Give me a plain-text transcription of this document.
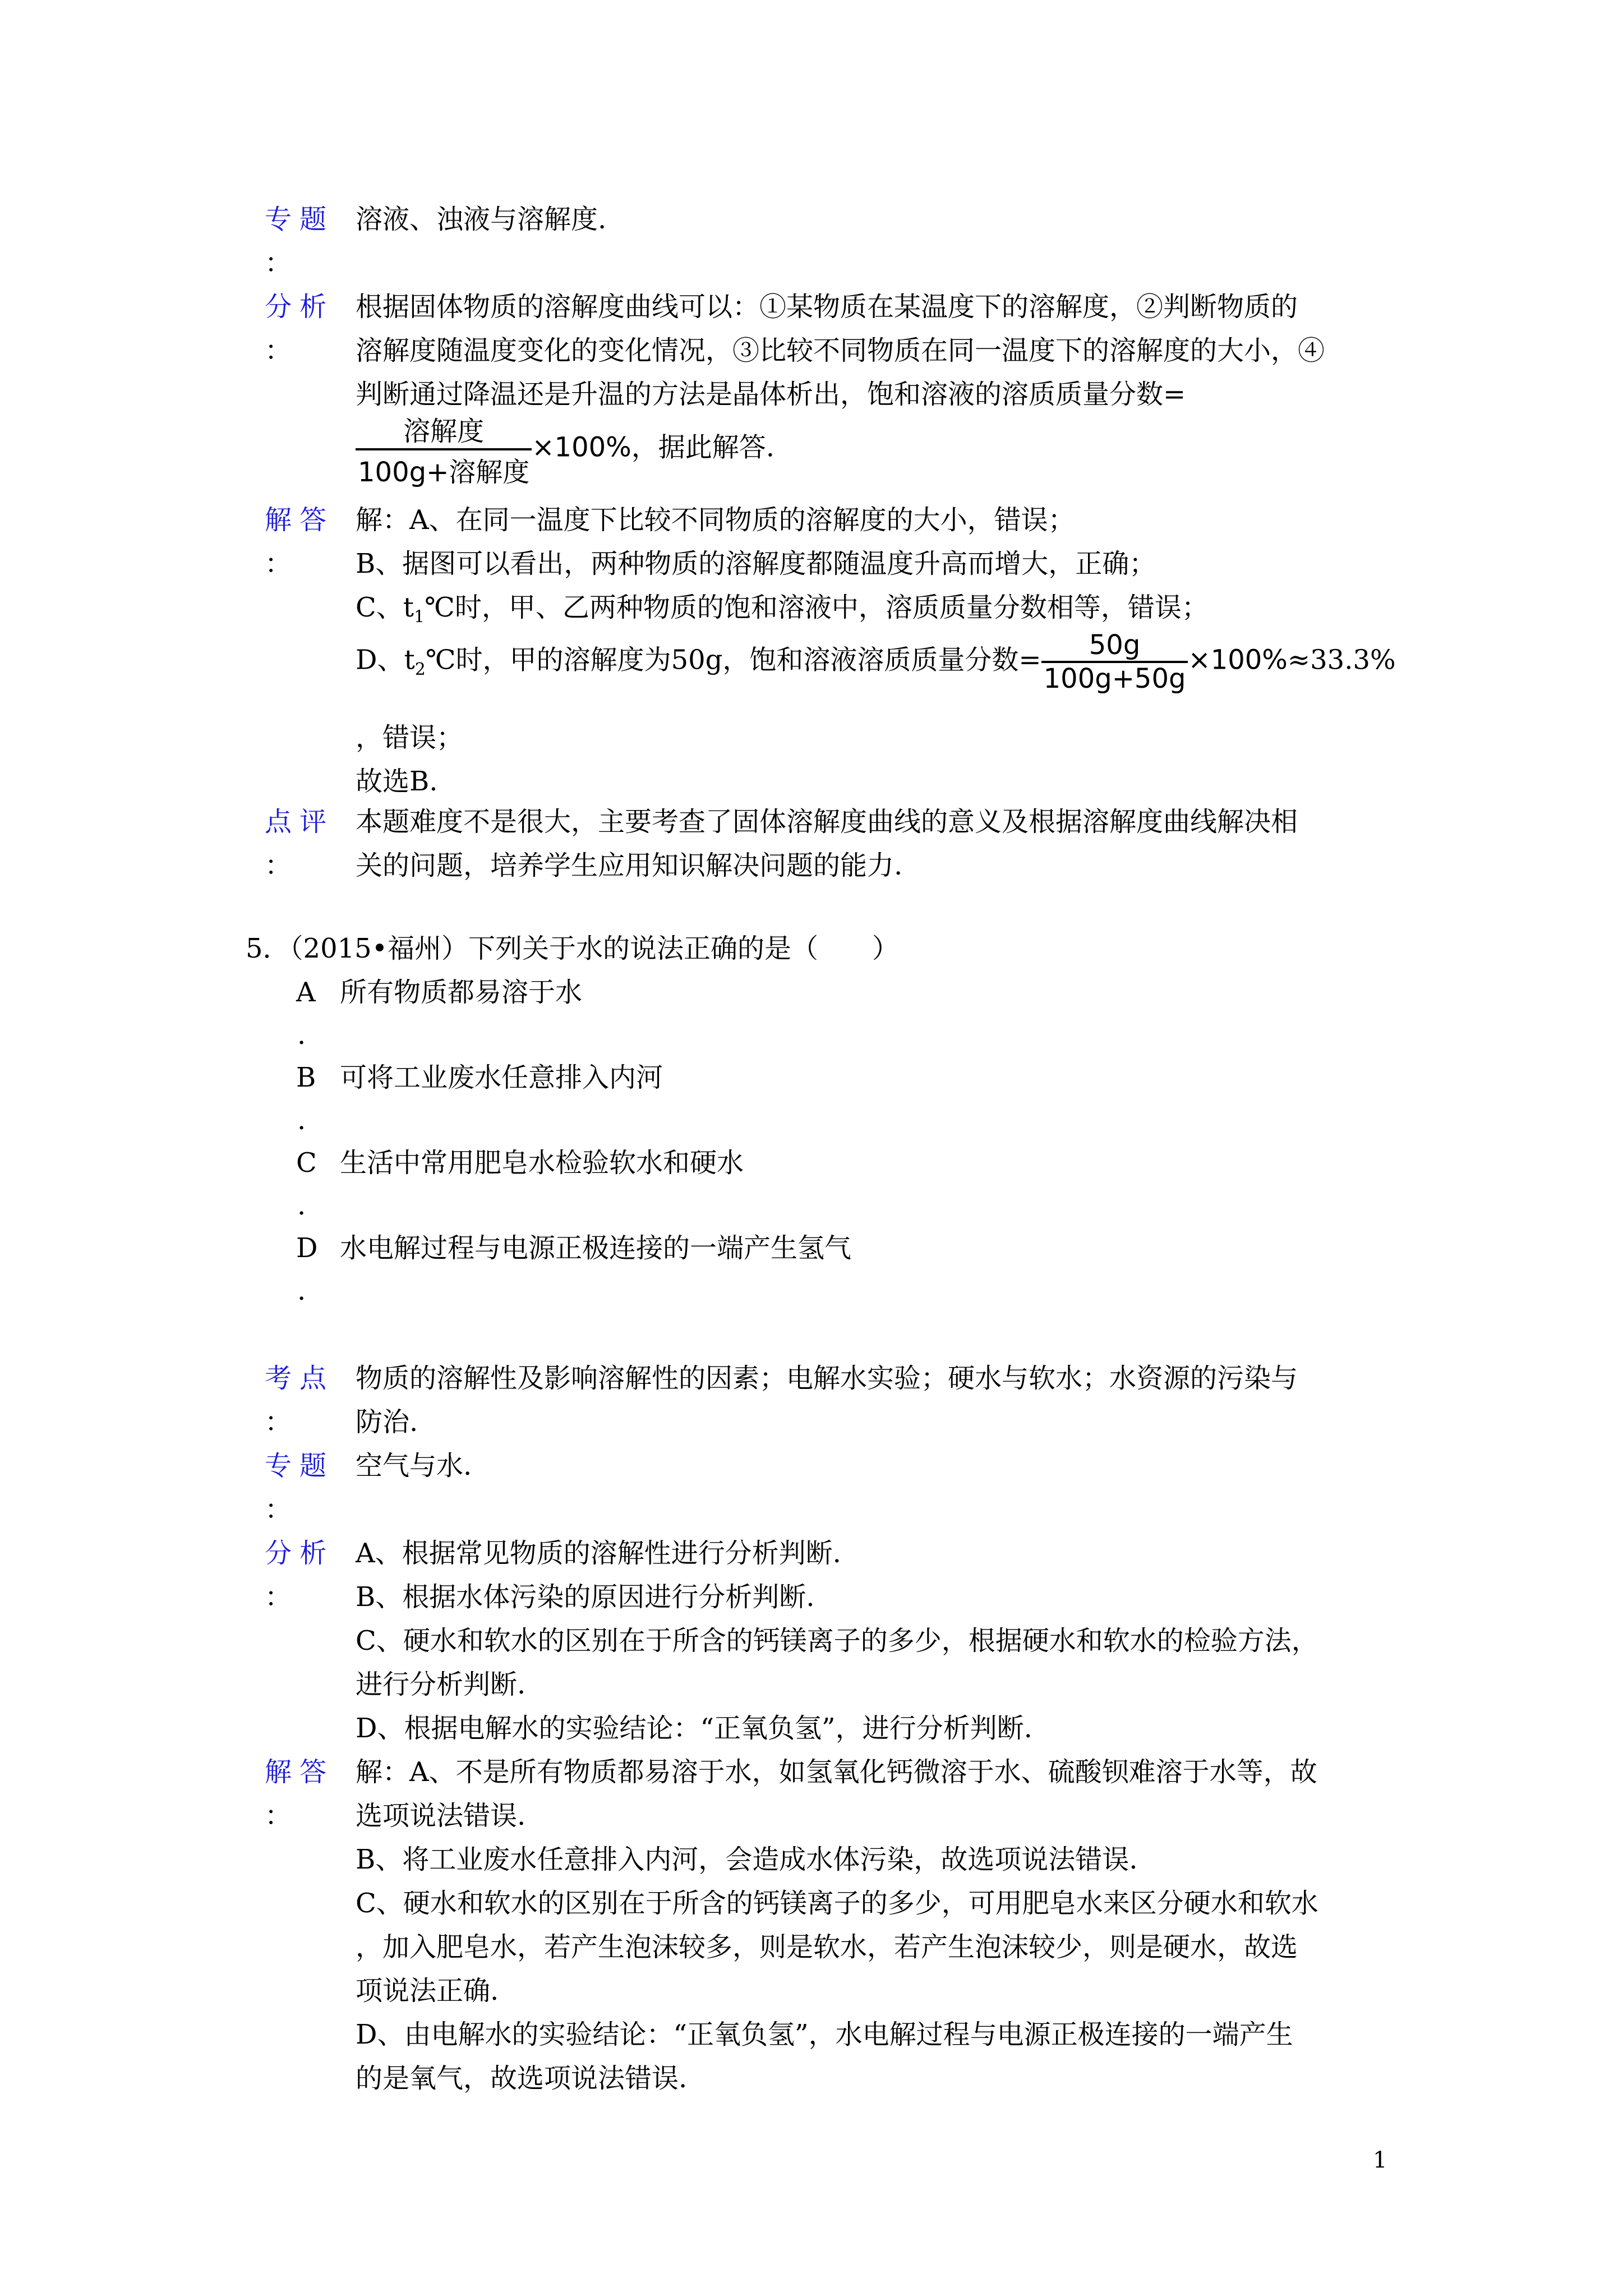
专题
：
溶液、浊液与溶解度.
分析
：
根据固体物质的溶解度曲线可以：①某物质在某温度下的溶解度，②判断物质的
溶解度随温度变化的变化情况，③比较不同物质在同一温度下的溶解度的大小，④
判断通过降温还是升温的方法是晶体析出，饱和溶液的溶质质量分数=
$\frac{\text{溶解度}}{\text{100g+溶解度}} \times 100\%$，据此解答.
解答
：
解：A、在同一温度下比较不同物质的溶解度的大小，错误；
B、据图可以看出，两种物质的溶解度都随温度升高而增大，正确；
C、$t_1℃$时，甲、乙两种物质的饱和溶液中，溶质质量分数相等，错误；
D、$t_2℃$时，甲的溶解度为50g，饱和溶液溶质质量分数= $\frac{50g}{100g+50g} \times 100\%\approx 33.3\%$
，错误；
故选B.
点评
：
本题难度不是很大，主要考查了固体溶解度曲线的意义及根据溶解度曲线解决相
关的问题，培养学生应用知识解决问题的能力.
5．（2015•福州）下列关于水的说法正确的是（　　）
A
.
所有物质都易溶于水
B
.
可将工业废水任意排入内河
C
.
生活中常用肥皂水检验软水和硬水
D
.
水电解过程与电源正极连接的一端产生氢气
考点
：
物质的溶解性及影响溶解性的因素；电解水实验；硬水与软水；水资源的污染与
防治.
专题
：
空气与水.
分析
：
A、根据常见物质的溶解性进行分析判断.
B、根据水体污染的原因进行分析判断.
C、硬水和软水的区别在于所含的钙镁离子的多少，根据硬水和软水的检验方法，
进行分析判断.
D、根据电解水的实验结论：“正氧负氢”，进行分析判断.
解答
：
解：A、不是所有物质都易溶于水，如氢氧化钙微溶于水、硫酸钡难溶于水等，故
选项说法错误.
B、将工业废水任意排入内河，会造成水体污染，故选项说法错误.
C、硬水和软水的区别在于所含的钙镁离子的多少，可用肥皂水来区分硬水和软水
，加入肥皂水，若产生泡沫较多，则是软水，若产生泡沫较少，则是硬水，故选
项说法正确.
D、由电解水的实验结论：“正氧负氢”，水电解过程与电源正极连接的一端产生
的是氧气，故选项说法错误.
1
